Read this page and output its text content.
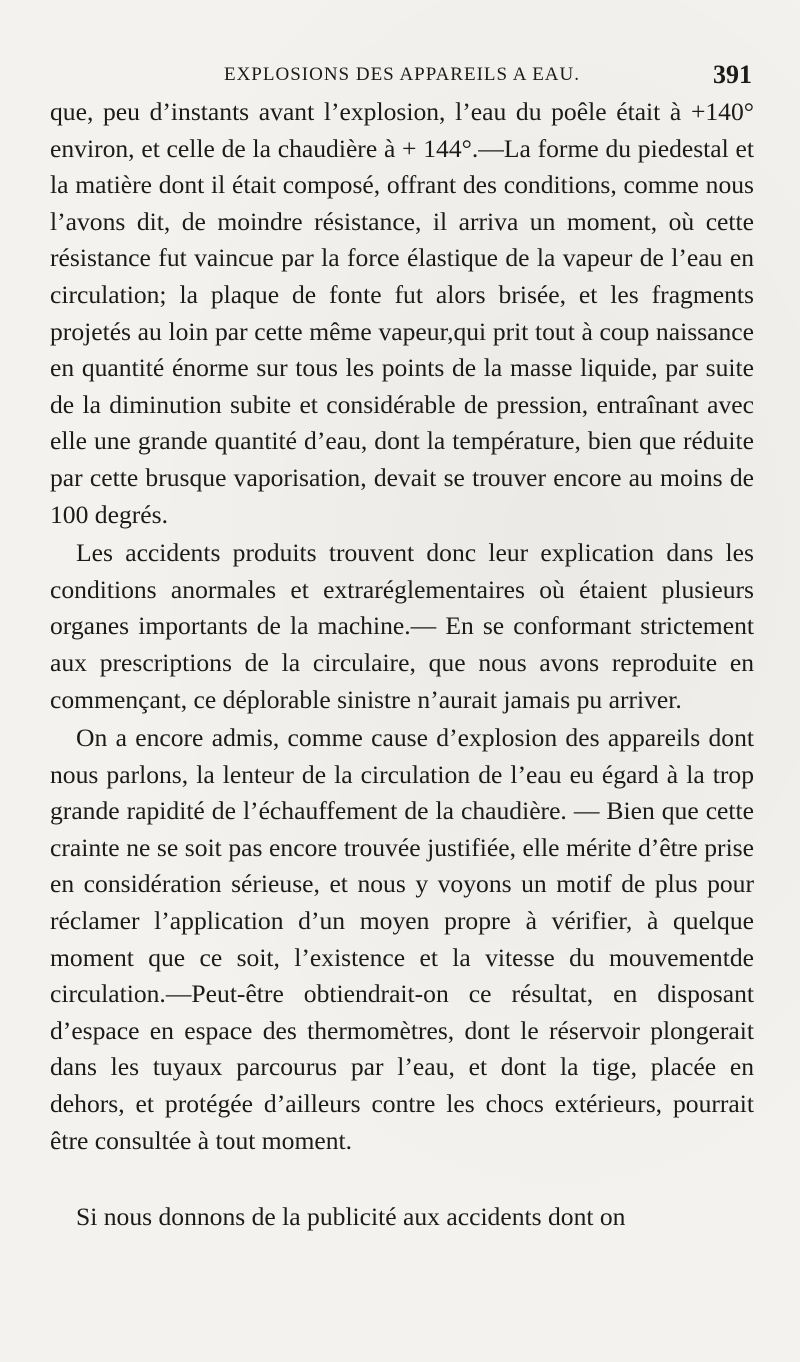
EXPLOSIONS DES APPAREILS A EAU.	391

que, peu d’instants avant l’explosion, l’eau du poêle était à +140° environ, et celle de la chaudière à + 144°.—La forme du piedestal et la matière dont il était composé, offrant des conditions, comme nous l’avons dit, de moindre résistance, il arriva un moment, où cette résistance fut vaincue par la force élastique de la vapeur de l’eau en circulation; la plaque de fonte fut alors brisée, et les fragments projetés au loin par cette même vapeur,qui prit tout à coup naissance en quantité énorme sur tous les points de la masse liquide, par suite de la diminution subite et considérable de pression, entraînant avec elle une grande quantité d’eau, dont la température, bien que réduite par cette brusque vaporisation, devait se trouver encore au moins de 100 degrés.

Les accidents produits trouvent donc leur explication dans les conditions anormales et extraréglementaires où étaient plusieurs organes importants de la machine.— En se conformant strictement aux prescriptions de la circulaire, que nous avons reproduite en commençant, ce déplorable sinistre n’aurait jamais pu arriver.

On a encore admis, comme cause d’explosion des appareils dont nous parlons, la lenteur de la circulation de l’eau eu égard à la trop grande rapidité de l’échauffement de la chaudière. — Bien que cette crainte ne se soit pas encore trouvée justifiée, elle mérite d’être prise en considération sérieuse, et nous y voyons un motif de plus pour réclamer l’application d’un moyen propre à vérifier, à quelque moment que ce soit, l’existence et la vitesse du mouvementde circulation.—Peut-être obtiendrait-on ce résultat, en disposant d’espace en espace des thermomètres, dont le réservoir plongerait dans les tuyaux parcourus par l’eau, et dont la tige, placée en dehors, et protégée d’ailleurs contre les chocs extérieurs, pourrait être consultée à tout moment.

Si nous donnons de la publicité aux accidents dont on
